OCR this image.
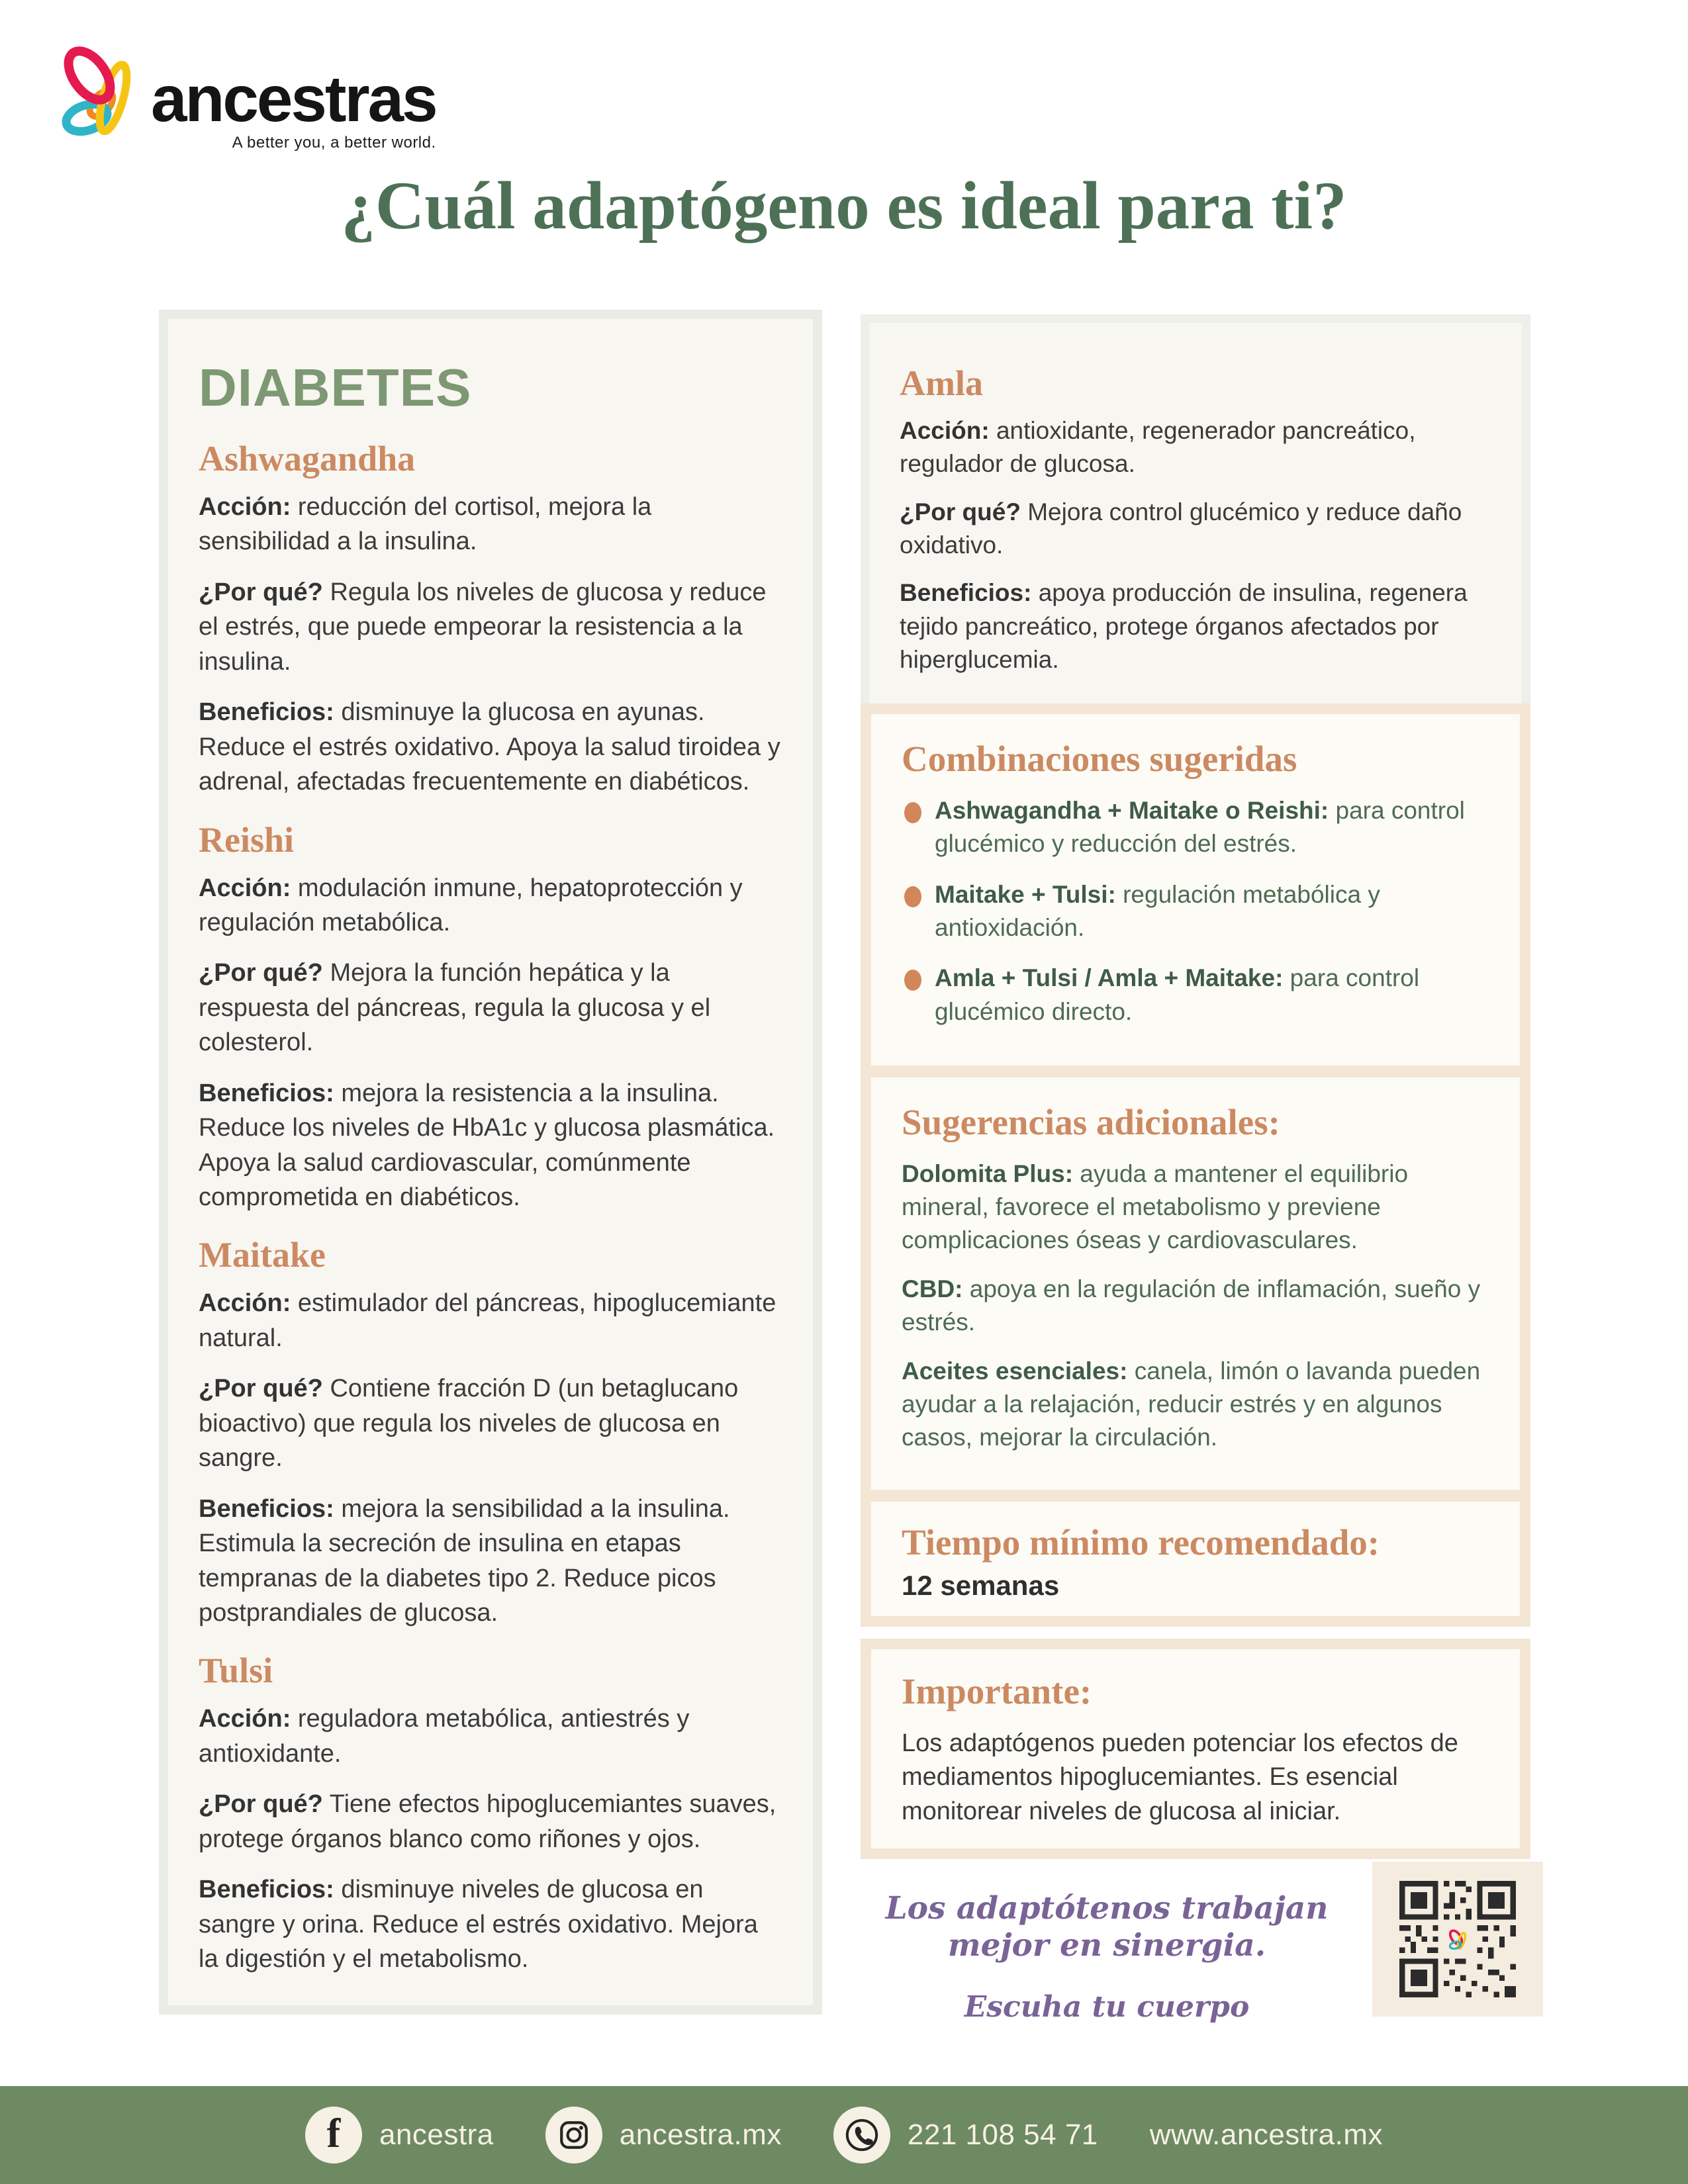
ancestras
A better you, a better world.
¿Cuál adaptógeno es ideal para ti?
DIABETES
Ashwagandha

Acción: reducción del cortisol, mejora la sensibilidad a la insulina.

¿Por qué? Regula los niveles de glucosa y reduce el estrés, que puede empeorar la resistencia a la insulina.

Beneficios: disminuye la glucosa en ayunas. Reduce el estrés oxidativo. Apoya la salud tiroidea y adrenal, afectadas frecuentemente en diabéticos.

Reishi

Acción: modulación inmune, hepatoprotección y regulación metabólica.

¿Por qué? Mejora la función hepática y la respuesta del páncreas, regula la glucosa y el colesterol.

Beneficios: mejora la resistencia a la insulina. Reduce los niveles de HbA1c y glucosa plasmática. Apoya la salud cardiovascular, comúnmente comprometida en diabéticos.

Maitake

Acción: estimulador del páncreas, hipoglucemiante natural.

¿Por qué? Contiene fracción D (un betaglucano bioactivo) que regula los niveles de glucosa en sangre.

Beneficios: mejora la sensibilidad a la insulina. Estimula la secreción de insulina en etapas tempranas de la diabetes tipo 2. Reduce picos postprandiales de glucosa.

Tulsi

Acción: reguladora metabólica, antiestrés y antioxidante.

¿Por qué? Tiene efectos hipoglucemiantes suaves, protege órganos blanco como riñones y ojos.

Beneficios: disminuye niveles de glucosa en sangre y orina. Reduce el estrés oxidativo. Mejora la digestión y el metabolismo.

Amla

Acción: antioxidante, regenerador pancreático, regulador de glucosa.

¿Por qué? Mejora control glucémico y reduce daño oxidativo.

Beneficios: apoya producción de insulina, regenera tejido pancreático, protege órganos afectados por hiperglucemia.

Combinaciones sugeridas
Ashwagandha + Maitake o Reishi: para control glucémico y reducción del estrés.
Maitake + Tulsi: regulación metabólica y antioxidación.
Amla + Tulsi / Amla + Maitake: para control glucémico directo.
Sugerencias adicionales:

Dolomita Plus: ayuda a mantener el equilibrio mineral, favorece el metabolismo y previene complicaciones óseas y cardiovasculares.

CBD: apoya en la regulación de inflamación, sueño y estrés.

Aceites esenciales: canela, limón o lavanda pueden ayudar a la relajación, reducir estrés y en algunos casos, mejorar la circulación.

Tiempo mínimo recomendado:
12 semanas
Importante:

Los adaptógenos pueden potenciar los efectos de mediamentos hipoglucemiantes. Es esencial monitorear niveles de glucosa al iniciar.

Los adaptótenos trabajan mejor en sinergia.
Escuha tu cuerpo
f ancestra	ancestra.mx	221 108 54 71 www.ancestra.mx
